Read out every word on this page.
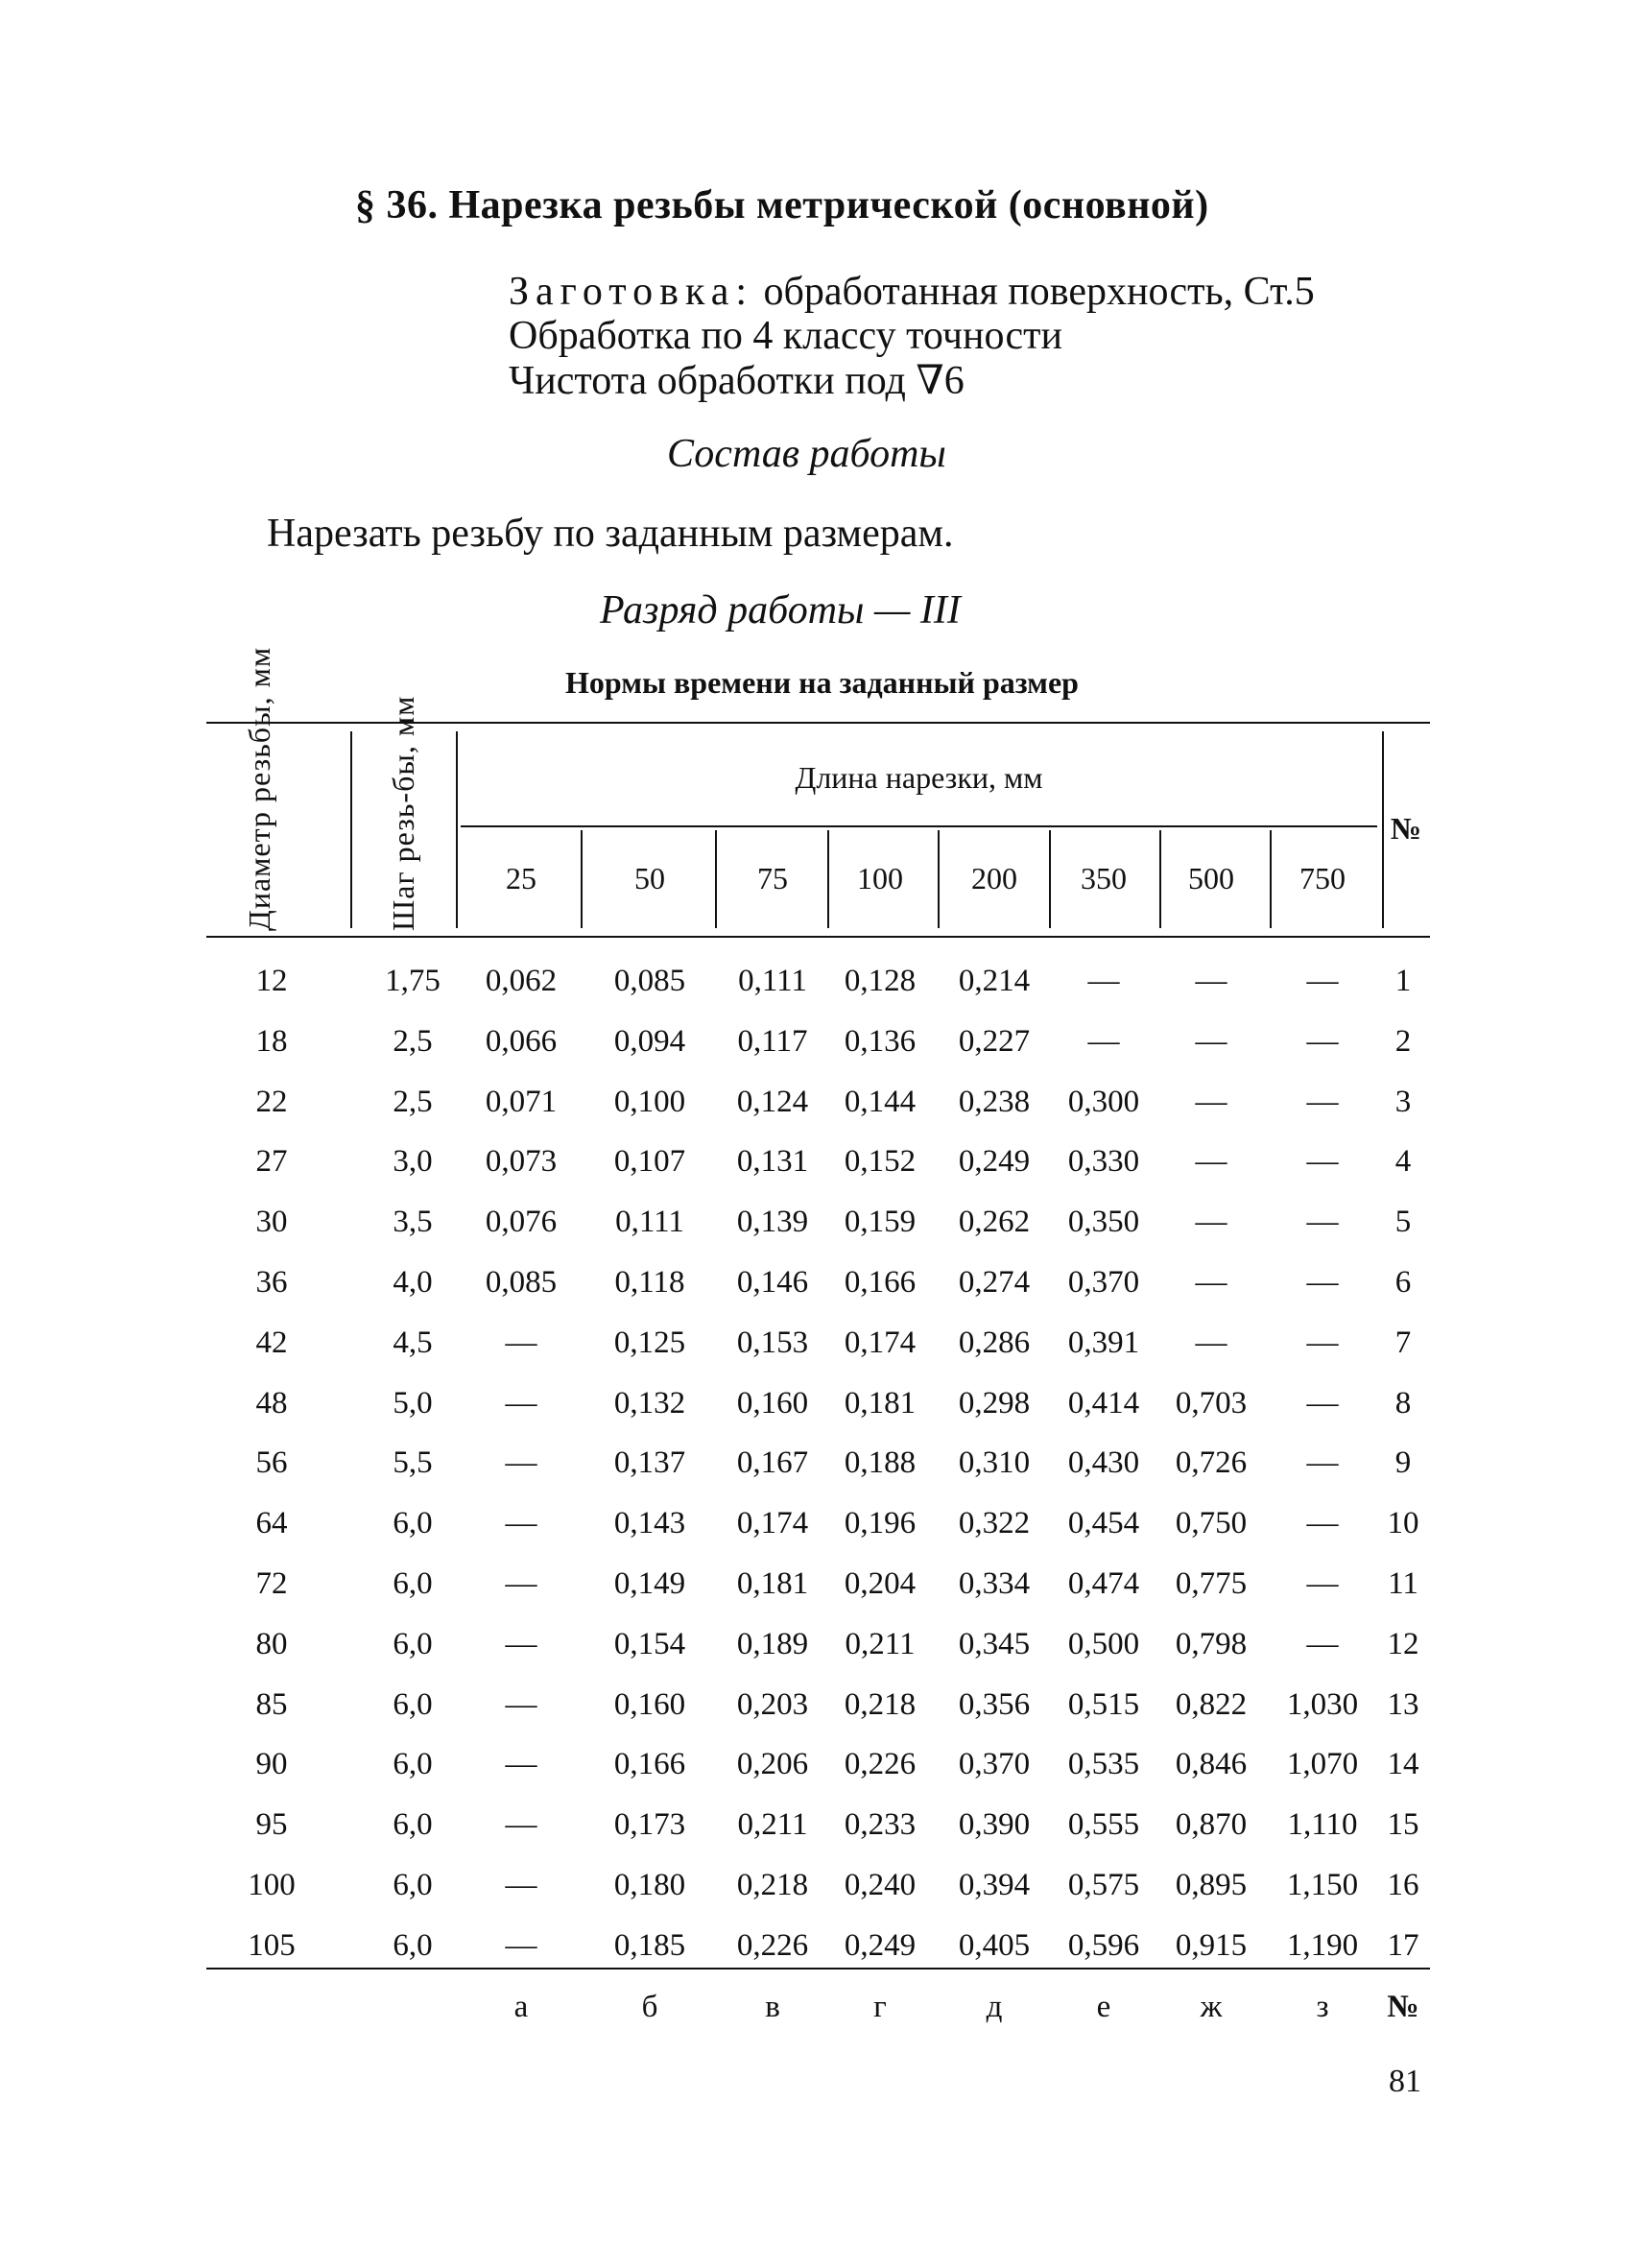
§ 36. Нарезка резьбы метрической (основной)
Заготовка: обработанная поверхность, Ст.5
Обработка по 4 классу точности
Чистота обработки под ∇6
Состав работы
Нарезать резьбу по заданным размерам.
Разряд работы — III
Нормы времени на заданный размер
Диаметр резьбы, мм	Шаг резь-бы, мм	Длина нарезки, мм
№
25	50	75	100	200	350	500	750
12	1,75	0,062	0,085	0,111	0,128	0,214	—	—	—	1
18	2,5	0,066	0,094	0,117	0,136	0,227	—	—	—	2
22	2,5	0,071	0,100	0,124	0,144	0,238	0,300	—	—	3
27	3,0	0,073	0,107	0,131	0,152	0,249	0,330	—	—	4
30	3,5	0,076	0,111	0,139	0,159	0,262	0,350	—	—	5
36	4,0	0,085	0,118	0,146	0,166	0,274	0,370	—	—	6
42	4,5	—	0,125	0,153	0,174	0,286	0,391	—	—	7
48	5,0	—	0,132	0,160	0,181	0,298	0,414	0,703	—	8
56	5,5	—	0,137	0,167	0,188	0,310	0,430	0,726	—	9
64	6,0	—	0,143	0,174	0,196	0,322	0,454	0,750	—	10
72	6,0	—	0,149	0,181	0,204	0,334	0,474	0,775	—	11
80	6,0	—	0,154	0,189	0,211	0,345	0,500	0,798	—	12
85	6,0	—	0,160	0,203	0,218	0,356	0,515	0,822	1,030 13
90	6,0	—	0,166	0,206	0,226	0,370	0,535	0,846	1,070 14
95	6,0	—	0,173	0,211	0,233	0,390	0,555	0,870	1,110 15
100	6,0	—	0,180	0,218	0,240	0,394	0,575	0,895	1,150 16
105	6,0	—	0,185	0,226	0,249	0,405	0,596	0,915	1,190 17
а	б	в	г	д	е	ж	з	№
81
